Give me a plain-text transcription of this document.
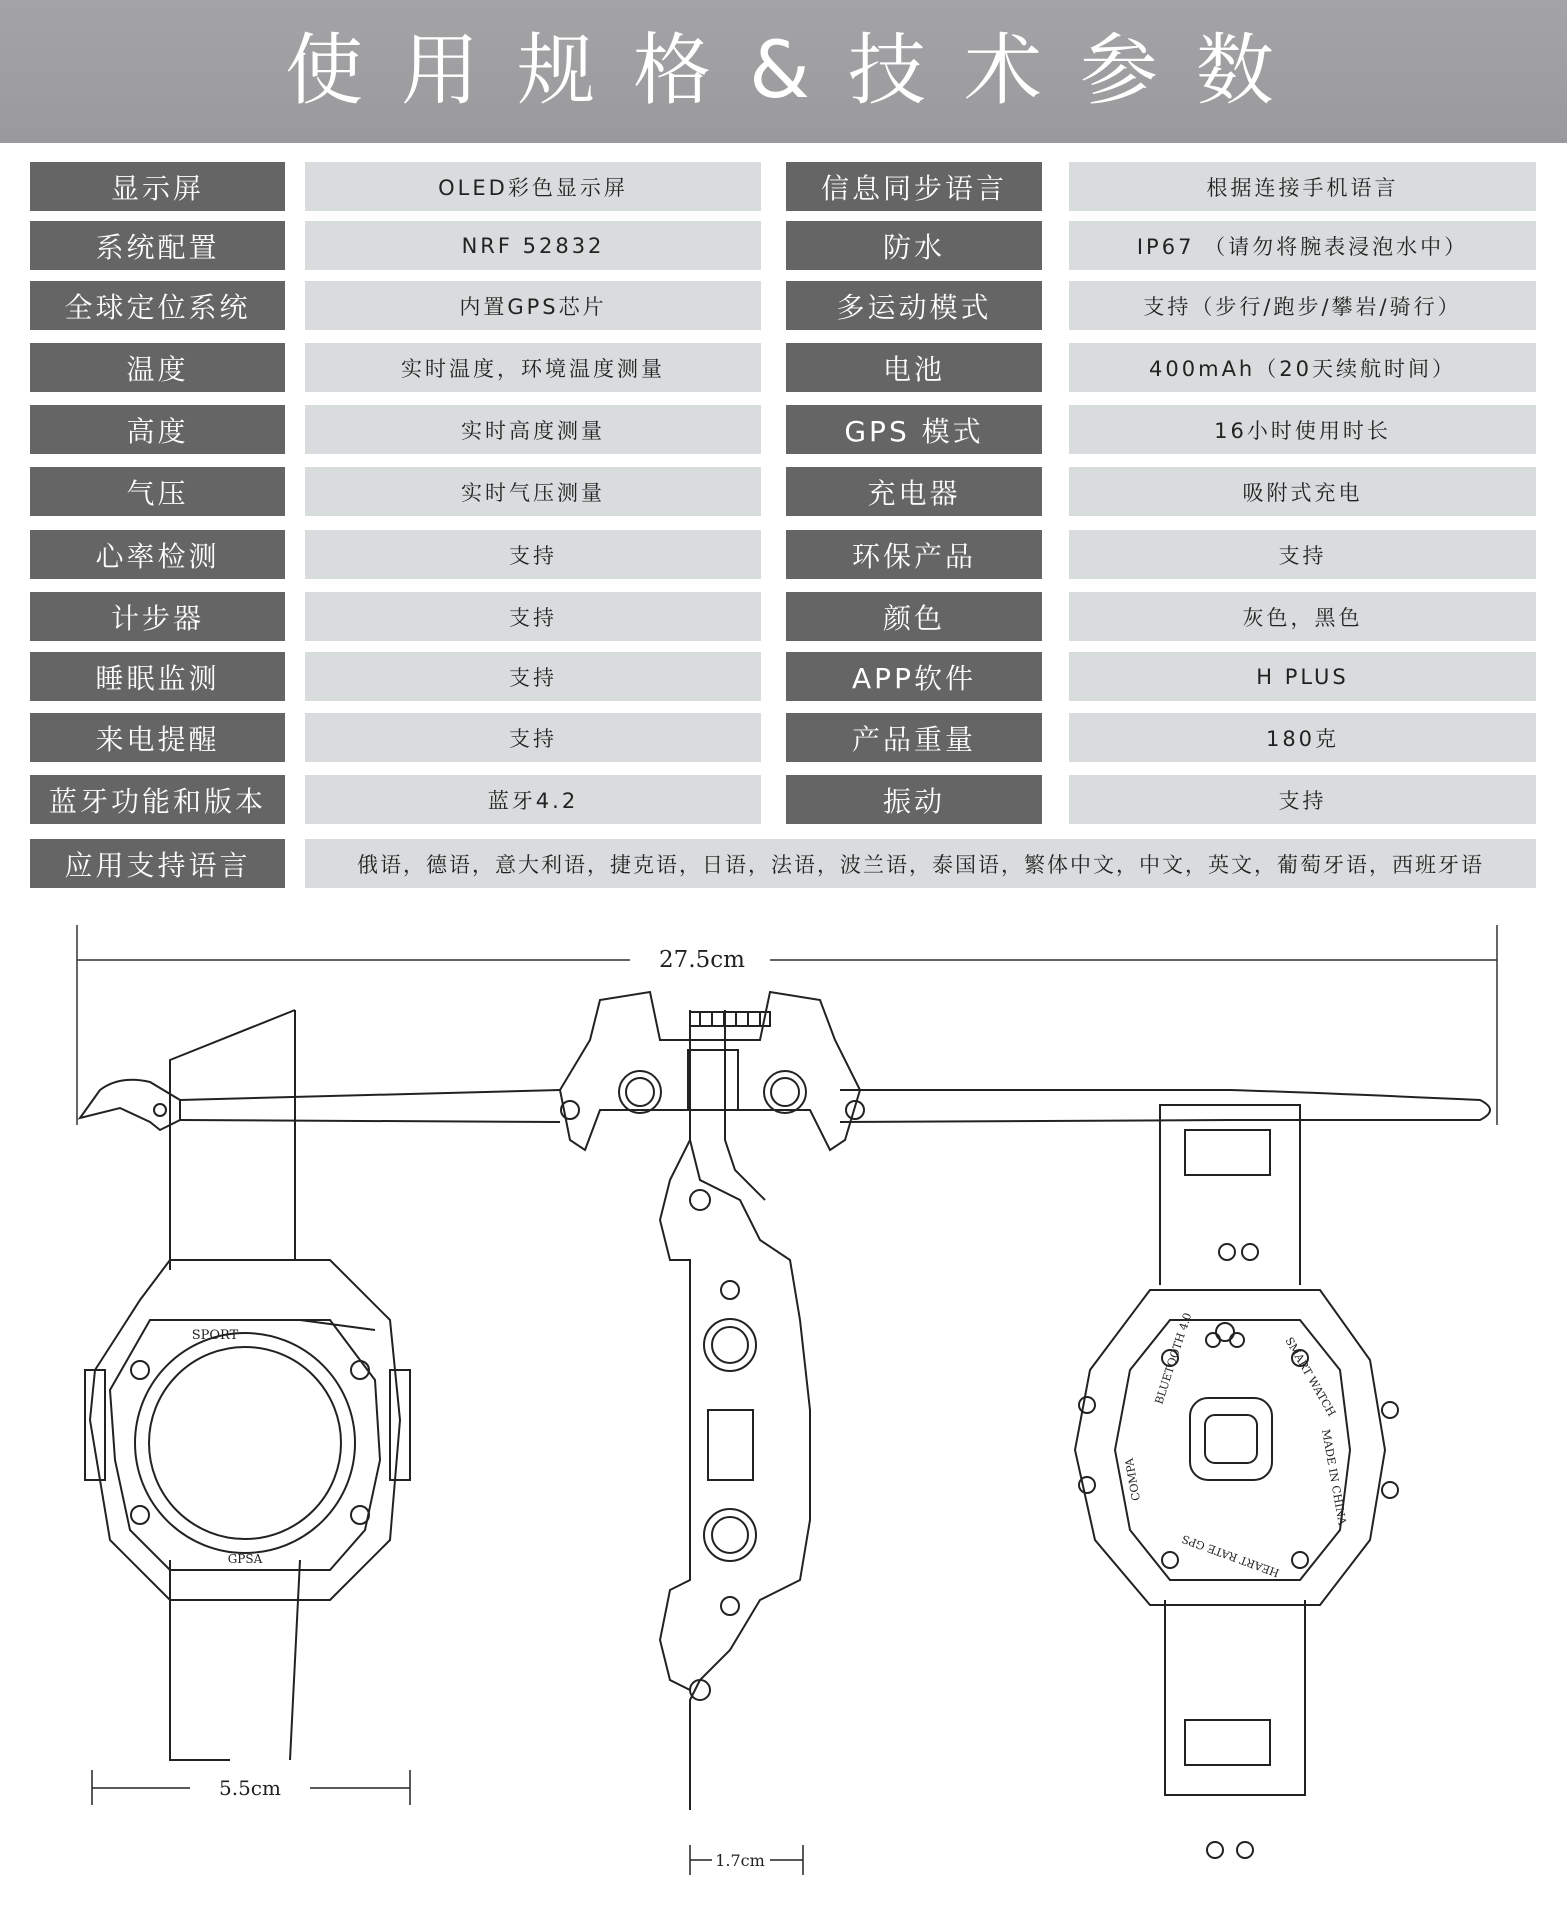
使用规格&技术参数
显示屏	OLED彩色显示屏	信息同步语言	根据连接手机语言
系统配置	NRF 52832	防水	IP67 （请勿将腕表浸泡水中）
全球定位系统	内置GPS芯片	多运动模式	支持（步行/跑步/攀岩/骑行）
温度	实时温度，环境温度测量	电池	400mAh（20天续航时间）
高度	实时高度测量	GPS 模式	16小时使用时长
气压	实时气压测量	充电器	吸附式充电
心率检测	支持	环保产品	支持
计步器	支持	颜色	灰色，黑色
睡眠监测	支持	APP软件	H PLUS
来电提醒	支持	产品重量	180克
蓝牙功能和版本	蓝牙4.2	振动	支持
应用支持语言	俄语，德语，意大利语，捷克语，日语，法语，波兰语，泰国语，繁体中文，中文，英文，葡萄牙语，西班牙语
27.5cm
SPORT
GPSA
5.5cm
1.7cm
BLUETOOTH 4.0	SMART WATCH
MADE IN CHINA
HEART RATE GPS
COMPA
